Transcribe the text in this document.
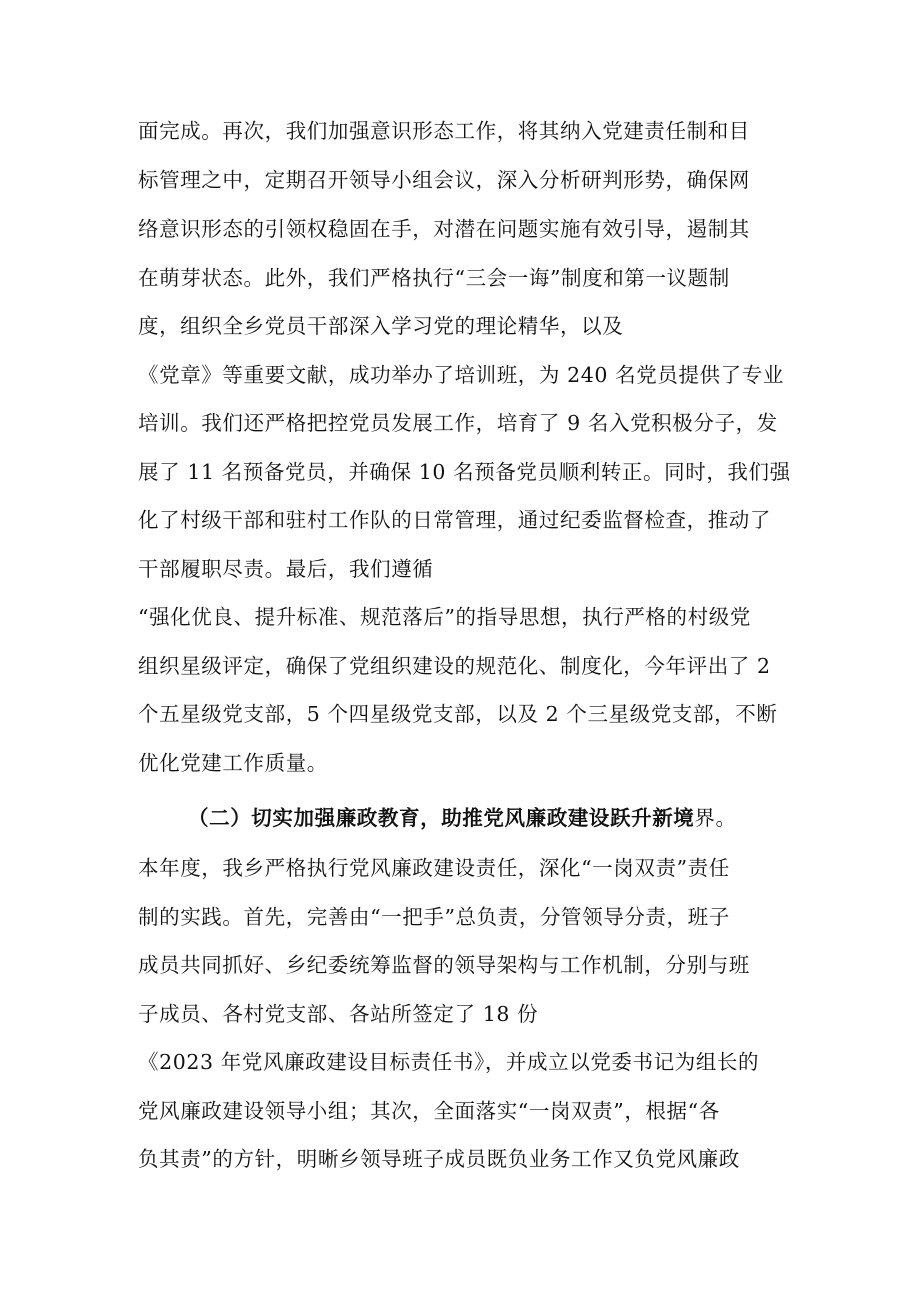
面完成。再次，我们加强意识形态工作，将其纳入党建责任制和目
标管理之中，定期召开领导小组会议，深入分析研判形势，确保网
络意识形态的引领权稳固在手，对潜在问题实施有效引导，遏制其
在萌芽状态。此外，我们严格执行“三会一诲”制度和第一议题制
度，组织全乡党员干部深入学习党的理论精华，以及
《党章》等重要文献，成功举办了培训班，为 240 名党员提供了专业
培训。我们还严格把控党员发展工作，培育了 9 名入党积极分子，发
展了 11 名预备党员，并确保 10 名预备党员顺利转正。同时，我们强
化了村级干部和驻村工作队的日常管理，通过纪委监督检查，推动了
干部履职尽责。最后，我们遵循
“强化优良、提升标准、规范落后”的指导思想，执行严格的村级党
组织星级评定，确保了党组织建设的规范化、制度化，今年评出了 2
个五星级党支部，5 个四星级党支部，以及 2 个三星级党支部，不断
优化党建工作质量。
（二）切实加强廉政教育，助推党风廉政建设跃升新境界。
本年度，我乡严格执行党风廉政建设责任，深化“一岗双责”责任
制的实践。首先，完善由“一把手”总负责，分管领导分责，班子
成员共同抓好、乡纪委统筹监督的领导架构与工作机制，分别与班
子成员、各村党支部、各站所签定了 18 份
《2023 年党风廉政建设目标责任书》，并成立以党委书记为组长的
党风廉政建设领导小组；其次，全面落实“一岗双责”，根据“各
负其责”的方针，明晰乡领导班子成员既负业务工作又负党风廉政
